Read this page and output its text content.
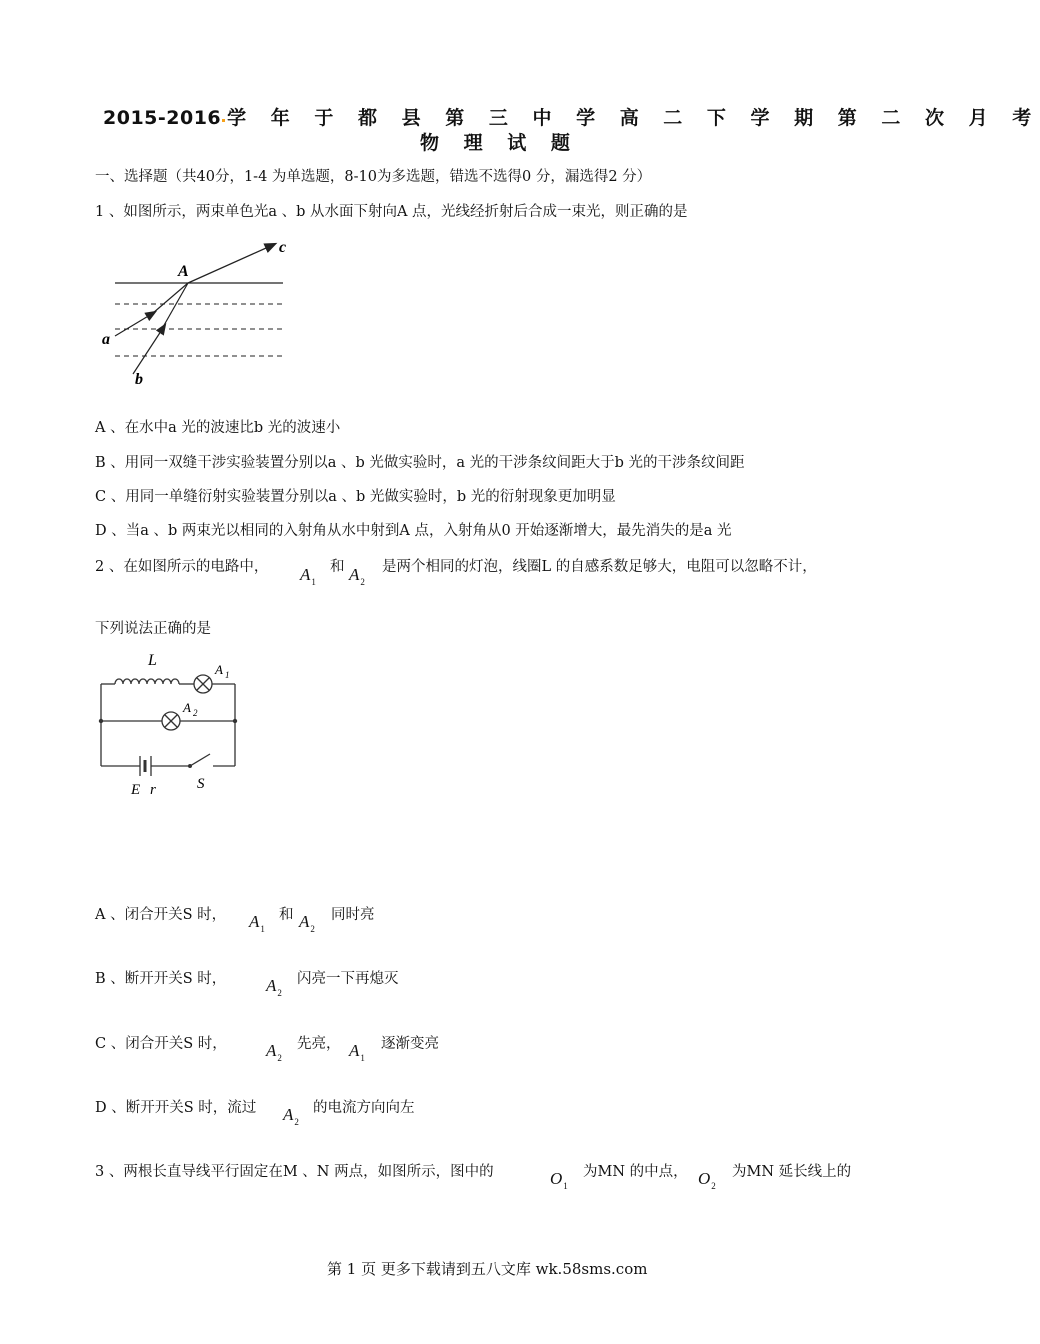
2015-2016 学 年 于 都 县 第 三 中 学 高 二 下 学 期 第 二 次 月 考
物 理 试 题
一、选择题（共40分，1-4 为单选题，8-10为多选题，错选不选得0 分，漏选得2 分）
1 、如图所示，两束单色光a 、b 从水面下射向A 点，光线经折射后合成一束光，则正确的是
A
c
a
b
A 、在水中a 光的波速比b 光的波速小
B 、用同一双缝干涉实验装置分别以a 、b 光做实验时，a 光的干涉条纹间距大于b 光的干涉条纹间距
C 、用同一单缝衍射实验装置分别以a 、b 光做实验时，b 光的衍射现象更加明显
D 、当a 、b 两束光以相同的入射角从水中射到A 点，入射角从0 开始逐渐增大，最先消失的是a 光
2 、在如图所示的电路中， $A_1$
和 $A_2$
是两个相同的灯泡，线圈L 的自感系数足够大，电阻可以忽略不计，
下列说法正确的是
L
A 1
A 2
E r	S
A 、闭合开关S 时， $A_1$
和 $A_2$
同时亮
B 、断开开关S 时， $A_2$
闪亮一下再熄灭
C 、闭合开关S 时， $A_2$
先亮， $A_1$
逐渐变亮
D 、断开开关S 时，流过 $A_2$
的电流方向向左
3 、两根长直导线平行固定在M 、N 两点，如图所示，图中的	$O_1$
为MN 的中点， $O_2$
为MN 延长线上的
第 1 页 更多下载请到五八文库 wk.58sms.com
